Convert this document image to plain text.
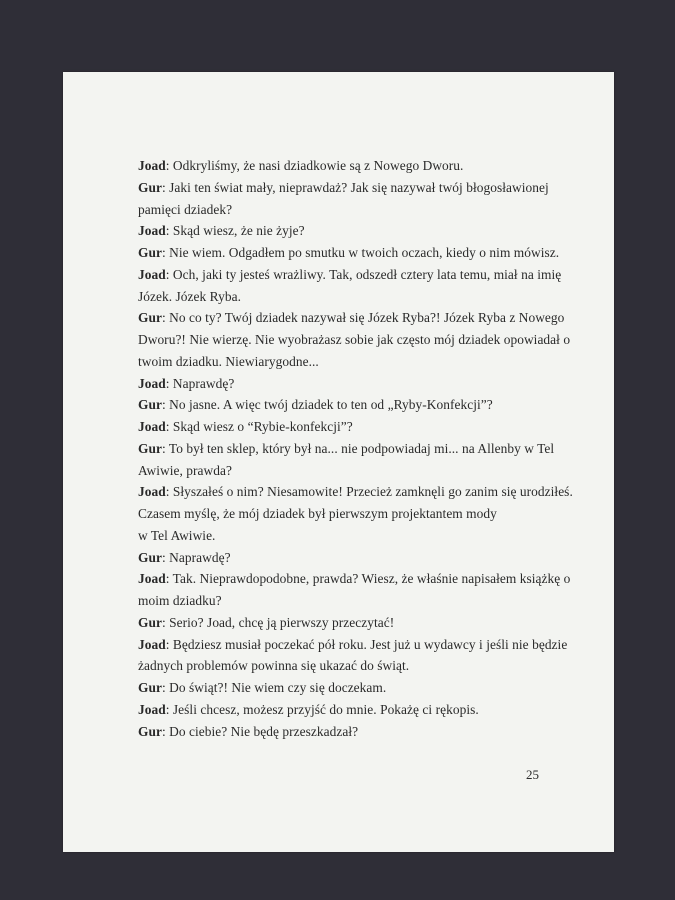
Joad: Odkryliśmy, że nasi dziadkowie są z Nowego Dworu.
Gur: Jaki ten świat mały, nieprawdaż? Jak się nazywał twój błogosławionej
pamięci dziadek?
Joad: Skąd wiesz, że nie żyje?
Gur: Nie wiem. Odgadłem po smutku w twoich oczach, kiedy o nim mówisz.
Joad: Och, jaki ty jesteś wrażliwy. Tak, odszedł cztery lata temu, miał na imię
Józek. Józek Ryba.
Gur: No co ty? Twój dziadek nazywał się Józek Ryba?! Józek Ryba z Nowego
Dworu?! Nie wierzę. Nie wyobrażasz sobie jak często mój dziadek opowiadał o
twoim dziadku. Niewiarygodne...
Joad: Naprawdę?
Gur: No jasne. A więc twój dziadek to ten od „Ryby-Konfekcji”?
Joad: Skąd wiesz o “Rybie-konfekcji”?
Gur: To był ten sklep, który był na... nie podpowiadaj mi... na Allenby w Tel
Awiwie, prawda?
Joad: Słyszałeś o nim? Niesamowite! Przecież zamknęli go zanim się urodziłeś.
Czasem myślę, że mój dziadek był pierwszym projektantem mody
w Tel Awiwie.
Gur: Naprawdę?
Joad: Tak. Nieprawdopodobne, prawda? Wiesz, że właśnie napisałem książkę o
moim dziadku?
Gur: Serio? Joad, chcę ją pierwszy przeczytać!
Joad: Będziesz musiał poczekać pół roku. Jest już u wydawcy i jeśli nie będzie
żadnych problemów powinna się ukazać do świąt.
Gur: Do świąt?! Nie wiem czy się doczekam.
Joad: Jeśli chcesz, możesz przyjść do mnie. Pokażę ci rękopis.
Gur: Do ciebie? Nie będę przeszkadzał?
25
